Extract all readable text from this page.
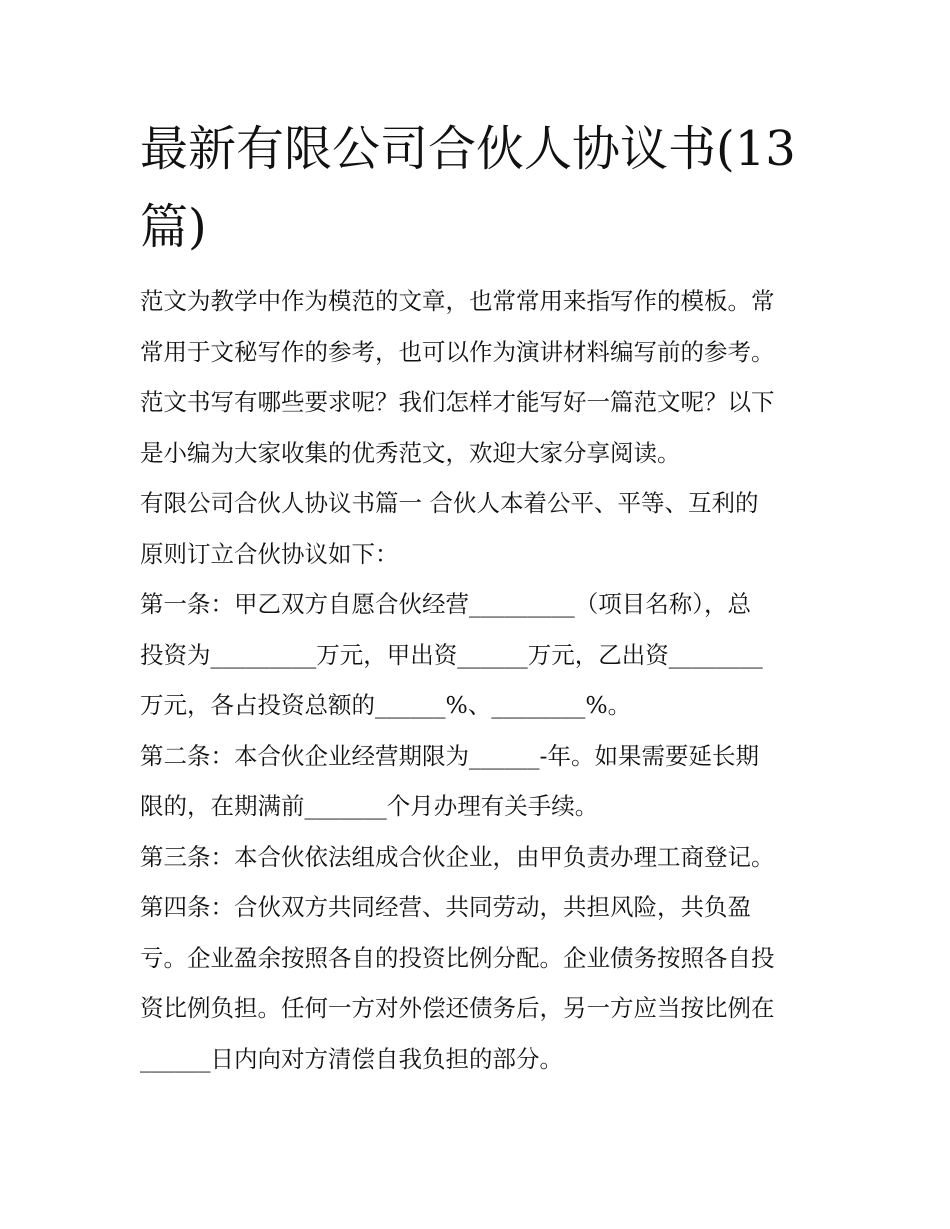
最新有限公司合伙人协议书(13
篇)
范文为教学中作为模范的文章，也常常用来指写作的模板。常
常用于文秘写作的参考，也可以作为演讲材料编写前的参考。
范文书写有哪些要求呢？我们怎样才能写好一篇范文呢？以下
是小编为大家收集的优秀范文，欢迎大家分享阅读。
有限公司合伙人协议书篇一 合伙人本着公平、平等、互利的
原则订立合伙协议如下：
第一条：甲乙双方自愿合伙经营_________（项目名称），总
投资为_________万元，甲出资______万元，乙出资________
万元，各占投资总额的______%、________%。
第二条：本合伙企业经营期限为______-年。如果需要延长期
限的，在期满前_______个月办理有关手续。
第三条：本合伙依法组成合伙企业，由甲负责办理工商登记。
第四条：合伙双方共同经营、共同劳动，共担风险，共负盈
亏。企业盈余按照各自的投资比例分配。企业债务按照各自投
资比例负担。任何一方对外偿还债务后，另一方应当按比例在
______日内向对方清偿自我负担的部分。
